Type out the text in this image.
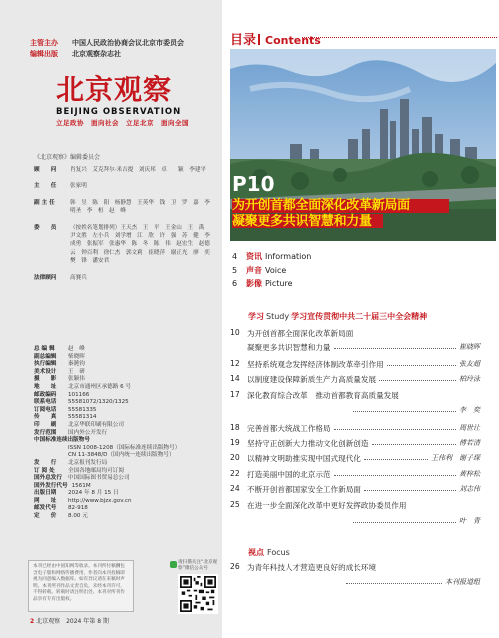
主管主办 中国人民政治协商会议北京市委员会
编辑出版 北京观察杂志社
北京观察
BEIJING OBSERVATION
立足政协　面向社会　立足北京　面向全国
《北京观察》编辑委员会
顾　　问	肖复兴　艾克拜尔·米吉提　刘庆邦　卓　　颖　李建平
主　　任	张家明
副 主 任	韩　昱　陈　阳　杨静慧　王英华　钱　卫　罗　嘉　李明圣　李　桓　赵　峰
委　　员	（按姓名笔划排列）王天杰　王　平　王金山　王　禹　尹文胜　左小兵　刘学增　江　欣　许　强　苏　健　李成勇　张振军　张惠华　陈　冬　陈　伟　赵宏生　赵德云　钟百利　徐仁杰　郭文莉　崔晓萍　谢正光　廖　奕　樊　锋　潘安君
法律顾问	高賽兵
总 编 辑	赵　峰
副总编辑	柴晓晖
执行编辑	秦滟钧
美术设计	王　研
摄　　影	张颖伟
地　　址	北京市通州区承德路 6 号
邮政编码	101166
联系电话	55581072/1320/1325
订阅电话	55581335
传　　真	55581314
印　　刷	北京华联印刷有限公司
发行范围	国内外公开发行
中国标准连续出版物号
ISSN 1008-1208（国际标准连续出版物号）
CN 11-3848/D（国内统一连续出版物号）
发　　行	北京报刊发行局
订 阅 处	全国各地邮局均可订阅
国外总发行	中国国际图书贸易总公司
国外发行代号 1561M
出版日期	2024 年 8 月 15 日
网　　址	http://www.bjzx.gov.cn
邮发代号	82-918
定　　价	8.00 元
本刊已经由中国知网等收录。本刊所付稿酬包含电子版和网络传播费用，作者向本刊投稿即视为同意编入数据库。如有异议请在来稿时声明。本刊所刊作品文责自负，未经本刊许可，不得转载。转载时请注明出处。本刊对所刊作品享有专有出版权。
请扫描关注“北京观察”微信公众号
2 北京观察　2024 年第 8 期
目录 Contents
P10
为开创首都全面深化改革新局面
凝聚更多共识智慧和力量
4 资讯 Information
5 声音 Voice
6 影像 Picture
学习 Study 学习宣传贯彻中共二十届三中全会精神
10 为开创首都全面深化改革新局面
凝聚更多共识智慧和力量	崔晓晖
12 坚持系统观念发挥经济体制改革牵引作用	张友超
14 以制度建设保障新质生产力高质量发展	柏玲泳
17 深化教育综合改革　推动首都教育高质量发展
李　奕
18 完善首都大统战工作格局	周世让
19 坚持守正创新大力推动文化创新创造	傅若清
20 以精神文明助推实现中国式现代化	王伟利　谢子琛
22 打造美丽中国的北京示范	黄梓松
24 不断开创首都国家安全工作新局面	刘志伟
25 在进一步全面深化改革中更好发挥政协委员作用
叶　青
视点 Focus
26 为青年科技人才营造更良好的成长环境
本刊报道组
